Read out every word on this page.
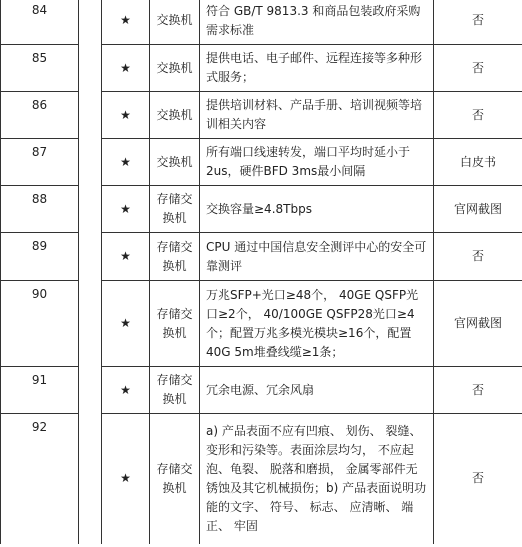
84		★	交换机	符合 GB/T 9813.3 和商品包装政府采购需求标准	否
85		★	交换机	提供电话、电子邮件、远程连接等多种形式服务；	否
86		★	交换机	提供培训材料、产品手册、培训视频等培训相关内容	否
87		★	交换机	所有端口线速转发，端口平均时延小于 2us，硬件BFD 3ms最小间隔	白皮书
88		★	存储交换机	交换容量≥4.8Tbps	官网截图
89		★	存储交换机	CPU 通过中国信息安全测评中心的安全可靠测评	否
90		★	存储交换机	万兆SFP+光口≥48个， 40GE QSFP光口≥2个， 40/100GE QSFP28光口≥4个；配置万兆多模光模块≥16个，配置40G 5m堆叠线缆≥1条；	官网截图
91		★	存储交换机	冗余电源、冗余风扇	否
92		★	存储交换机	a) 产品表面不应有凹痕、 划伤、 裂缝、变形和污染等。表面涂层均匀， 不应起泡、龟裂、 脱落和磨损， 金属零部件无锈蚀及其它机械损伤；b) 产品表面说明功能的文字、 符号、 标志、 应清晰、 端正、 牢固	否
